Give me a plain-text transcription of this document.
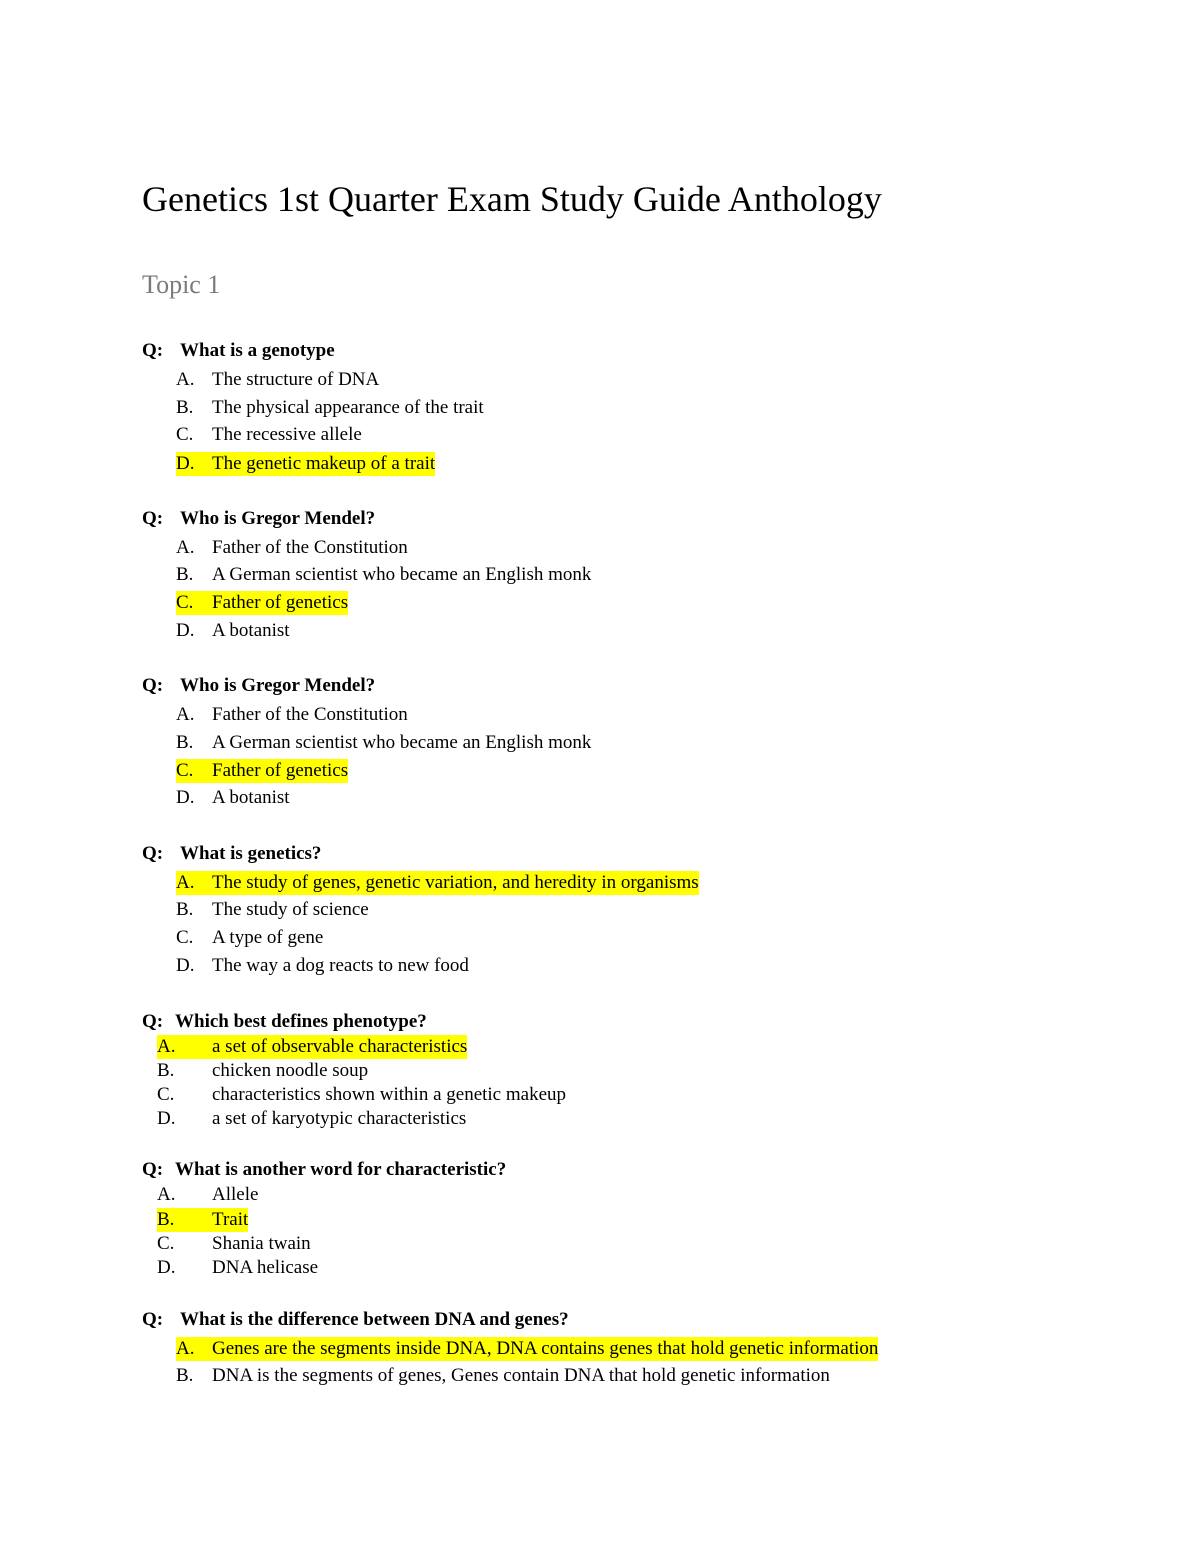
Genetics 1st Quarter Exam Study Guide Anthology
Topic 1
Q: What is a genotype
A. The structure of DNA
B. The physical appearance of the trait
C. The recessive allele
D. The genetic makeup of a trait
Q: Who is Gregor Mendel?
A. Father of the Constitution
B. A German scientist who became an English monk
C. Father of genetics
D. A botanist
Q: Who is Gregor Mendel?
A. Father of the Constitution
B. A German scientist who became an English monk
C. Father of genetics
D. A botanist
Q: What is genetics?
A. The study of genes, genetic variation, and heredity in organisms
B. The study of science
C. A type of gene
D. The way a dog reacts to new food
Q: Which best defines phenotype?
A. a set of observable characteristics
B. chicken noodle soup
C. characteristics shown within a genetic makeup
D. a set of karyotypic characteristics
Q: What is another word for characteristic?
A. Allele
B. Trait
C. Shania twain
D. DNA helicase
Q: What is the difference between DNA and genes?
A. Genes are the segments inside DNA, DNA contains genes that hold genetic information
B. DNA is the segments of genes, Genes contain DNA that hold genetic information
